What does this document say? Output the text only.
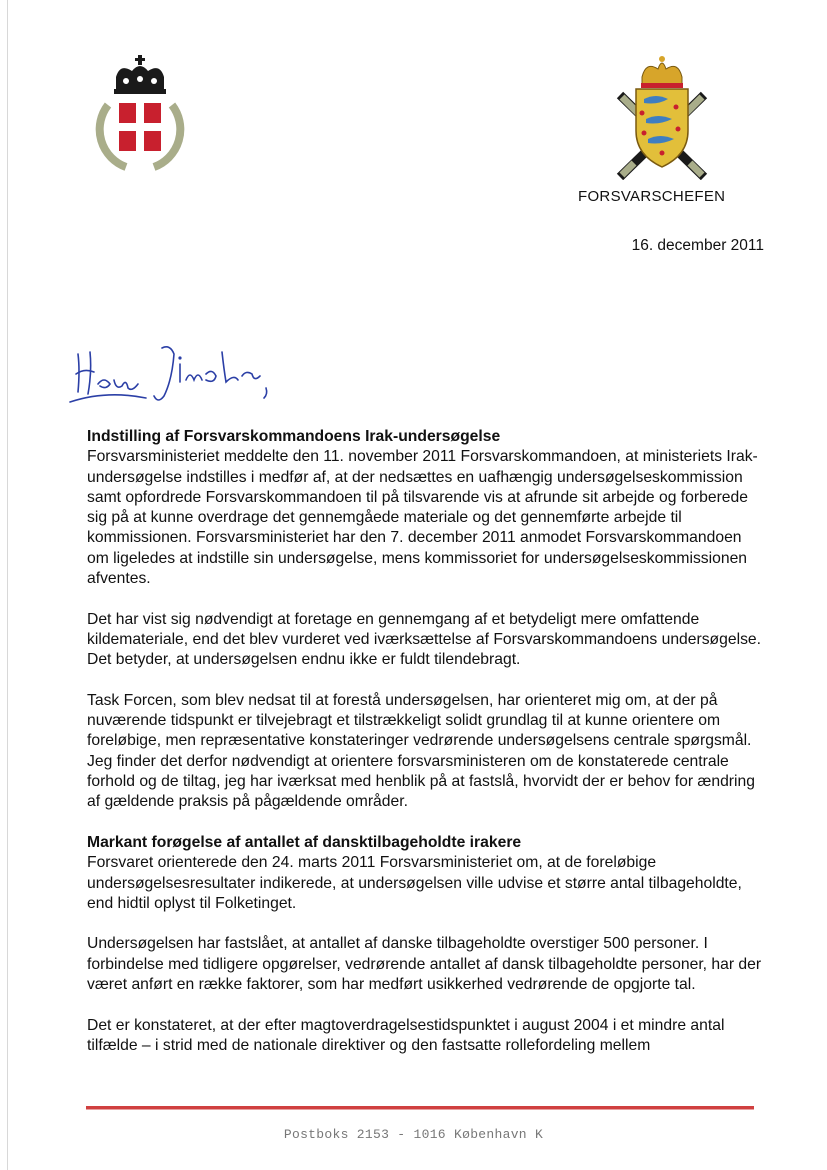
FORSVARSCHEFEN
16. december 2011
Indstilling af Forsvarskommandoens Irak-undersøgelse

Forsvarsministeriet meddelte den 11. november 2011 Forsvarskommandoen, at ministeriets Irak-undersøgelse indstilles i medfør af, at der nedsættes en uafhængig undersøgelseskommission samt opfordrede Forsvarskommandoen til på tilsvarende vis at afrunde sit arbejde og forberede sig på at kunne overdrage det gennemgåede materiale og det gennemførte arbejde til kommissionen. Forsvarsministeriet har den 7. december 2011 anmodet Forsvarskommandoen om ligeledes at indstille sin undersøgelse, mens kommissoriet for undersøgelseskommissionen afventes.

Det har vist sig nødvendigt at foretage en gennemgang af et betydeligt mere omfattende kildemateriale, end det blev vurderet ved iværksættelse af Forsvarskommandoens undersøgelse. Det betyder, at undersøgelsen endnu ikke er fuldt tilendebragt.

Task Forcen, som blev nedsat til at forestå undersøgelsen, har orienteret mig om, at der på nuværende tidspunkt er tilvejebragt et tilstrækkeligt solidt grundlag til at kunne orientere om foreløbige, men repræsentative konstateringer vedrørende undersøgelsens centrale spørgsmål. Jeg finder det derfor nødvendigt at orientere forsvarsministeren om de konstaterede centrale forhold og de tiltag, jeg har iværksat med henblik på at fastslå, hvorvidt der er behov for ændring af gældende praksis på pågældende områder.

Markant forøgelse af antallet af dansktilbageholdte irakere

Forsvaret orienterede den 24. marts 2011 Forsvarsministeriet om, at de foreløbige undersøgelsesresultater indikerede, at undersøgelsen ville udvise et større antal tilbageholdte, end hidtil oplyst til Folketinget.

Undersøgelsen har fastslået, at antallet af danske tilbageholdte overstiger 500 personer. I forbindelse med tidligere opgørelser, vedrørende antallet af dansk tilbageholdte personer, har der været anført en række faktorer, som har medført usikkerhed vedrørende de opgjorte tal.

Det er konstateret, at der efter magtoverdragelsestidspunktet i august 2004 i et mindre antal tilfælde – i strid med de nationale direktiver og den fastsatte rollefordeling mellem

Postboks 2153 - 1016 København K
